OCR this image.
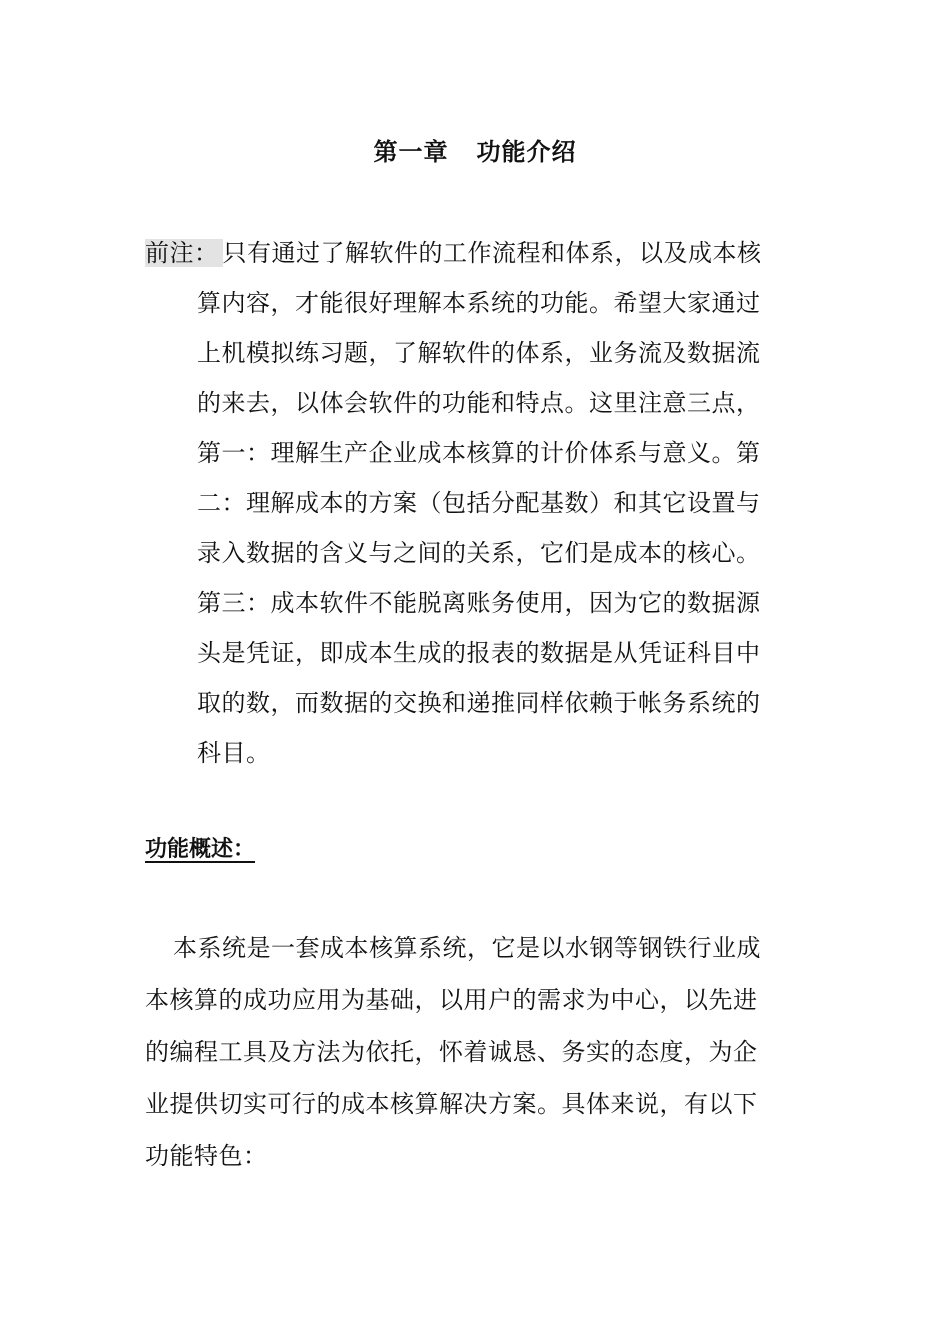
第一章 功能介绍
前注： 只有通过了解软件的工作流程和体系，以及成本核
算内容，才能很好理解本系统的功能。希望大家通过
上机模拟练习题，了解软件的体系，业务流及数据流
的来去，以体会软件的功能和特点。这里注意三点，
第一：理解生产企业成本核算的计价体系与意义。第
二：理解成本的方案（包括分配基数）和其它设置与
录入数据的含义与之间的关系，它们是成本的核心。
第三：成本软件不能脱离账务使用，因为它的数据源
头是凭证，即成本生成的报表的数据是从凭证科目中
取的数，而数据的交换和递推同样依赖于帐务系统的
科目。
功能概述：
本系统是一套成本核算系统，它是以水钢等钢铁行业成
本核算的成功应用为基础，以用户的需求为中心，以先进
的编程工具及方法为依托，怀着诚恳、务实的态度，为企
业提供切实可行的成本核算解决方案。具体来说，有以下
功能特色：
